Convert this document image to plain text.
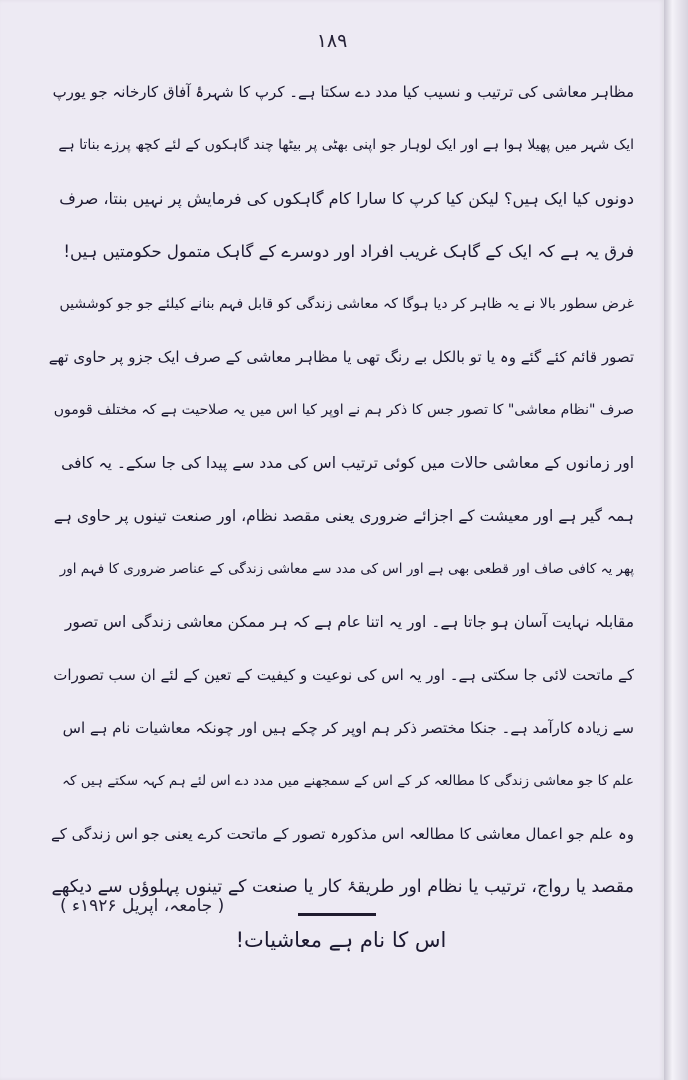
١٨٩
مظاہر معاشی کی ترتیب و نسیب کیا مدد دے سکتا ہے۔ کرپ کا شہرۂ آفاق کارخانہ جو یورپ
ایک شہر میں پھیلا ہوا ہے اور ایک لوہار جو اپنی بھٹی پر بیٹھا چند گاہکوں کے لئے کچھ پرزے بناتا ہے
دونوں کیا ایک ہیں؟ لیکن کیا کرپ کا سارا کام گاہکوں کی فرمایش پر نہیں بنتا، صرف
فرق یہ ہے کہ ایک کے گاہک غریب افراد اور دوسرے کے گاہک متمول حکومتیں ہیں!
غرض سطور بالا نے یہ ظاہر کر دیا ہوگا کہ معاشی زندگی کو قابل فہم بنانے کیلئے جو جو کوششیں
تصور قائم کئے گئے وہ یا تو بالکل بے رنگ تھی یا مظاہر معاشی کے صرف ایک جزو پر حاوی تھے
صرف "نظام معاشی" کا تصور جس کا ذکر ہم نے اوپر کیا اس میں یہ صلاحیت ہے کہ مختلف قوموں
اور زمانوں کے معاشی حالات میں کوئی ترتیب اس کی مدد سے پیدا کی جا سکے۔ یہ کافی
ہمہ گیر ہے اور معیشت کے اجزائے ضروری یعنی مقصد نظام، اور صنعت تینوں پر حاوی ہے
پھر یہ کافی صاف اور قطعی بھی ہے اور اس کی مدد سے معاشی زندگی کے عناصر ضروری کا فہم اور
مقابلہ نہایت آسان ہو جاتا ہے۔ اور یہ اتنا عام ہے کہ ہر ممکن معاشی زندگی اس تصور
کے ماتحت لائی جا سکتی ہے۔ اور یہ اس کی نوعیت و کیفیت کے تعین کے لئے ان سب تصورات
سے زیادہ کارآمد ہے۔ جنکا مختصر ذکر ہم اوپر کر چکے ہیں اور چونکہ معاشیات نام ہے اس
علم کا جو معاشی زندگی کا مطالعہ کر کے اس کے سمجھنے میں مدد دے اس لئے ہم کہہ سکتے ہیں کہ
وہ علم جو اعمال معاشی کا مطالعہ اس مذکورہ تصور کے ماتحت کرے یعنی جو اس زندگی کے
مقصد یا رواج، ترتیب یا نظام اور طریقۂ کار یا صنعت کے تینوں پہلوؤں سے دیکھے
اس کا نام ہے معاشیات!
( جامعہ، اپریل ۱۹۲۶ء )
